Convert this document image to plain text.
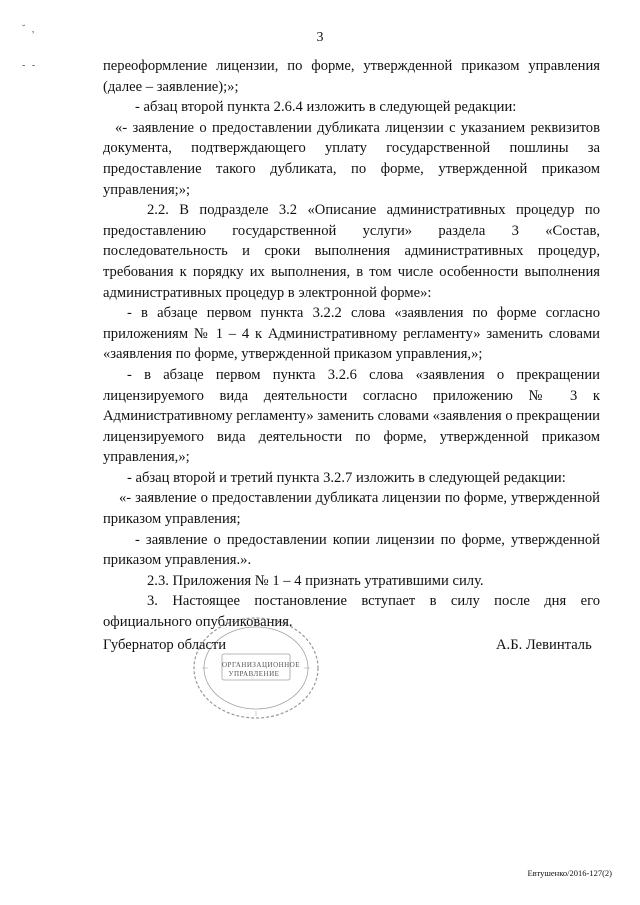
3
˘ ,
- -	переоформление лицензии, по форме, утвержденной приказом управления (далее – заявление);»;

- абзац второй пункта 2.6.4 изложить в следующей редакции:

«- заявление о предоставлении дубликата лицензии с указанием реквизитов документа, подтверждающего уплату государственной пошлины за предоставление такого дубликата, по форме, утвержденной приказом управления;»;

2.2. В подразделе 3.2 «Описание административных процедур по предоставлению государственной услуги» раздела 3 «Состав, последовательность и сроки выполнения административных процедур, требования к порядку их выполнения, в том числе особенности выполнения административных процедур в электронной форме»:

- в абзаце первом пункта 3.2.2 слова «заявления по форме согласно приложениям № 1 – 4 к Административному регламенту» заменить словами «заявления по форме, утвержденной приказом управления,»;

- в абзаце первом пункта 3.2.6 слова «заявления о прекращении лицензируемого вида деятельности согласно приложению № 3 к Административному регламенту» заменить словами «заявления о прекращении лицензируемого вида деятельности по форме, утвержденной приказом управления,»;

- абзац второй и третий пункта 3.2.7 изложить в следующей редакции:

«- заявление о предоставлении дубликата лицензии по форме, утвержденной приказом управления;

- заявление о предоставлении копии лицензии по форме, утвержденной приказом управления.».

2.3. Приложения № 1 – 4 признать утратившими силу.

3. Настоящее постановление вступает в силу после дня его официального опубликования.

ОРГАНИЗАЦИОННОЕ УПРАВЛЕНИЕ
Губернатор области	А.Б. Левинталь
Евтушенко/2016-127(2)
